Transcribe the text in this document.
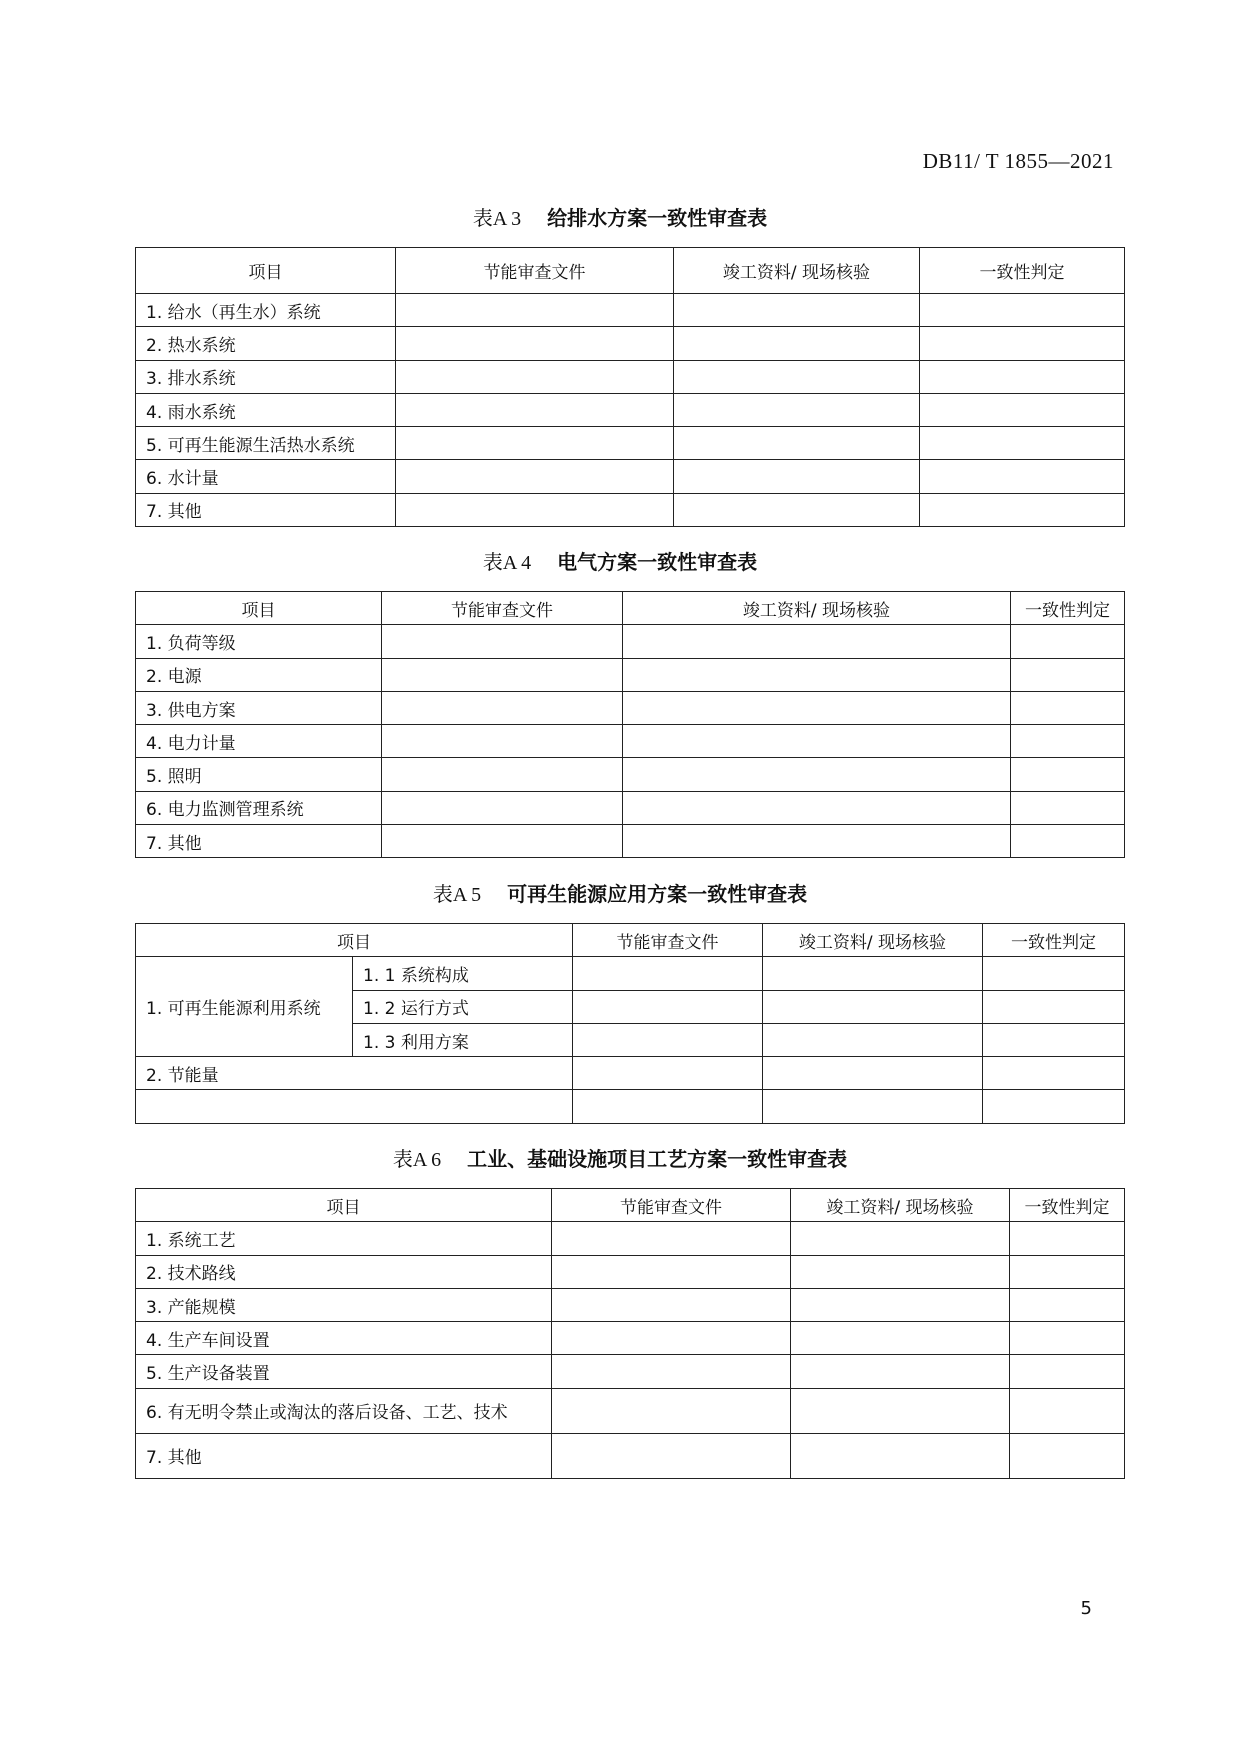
DB11/ T 1855—2021
表A 3 给排水方案一致性审查表
项目	节能审查文件	竣工资料/ 现场核验	一致性判定
1. 给水（再生水）系统			
2. 热水系统			
3. 排水系统			
4. 雨水系统			
5. 可再生能源生活热水系统			
6. 水计量			
7. 其他			
表A 4 电气方案一致性审查表
项目	节能审查文件	竣工资料/ 现场核验	一致性判定
1. 负荷等级			
2. 电源			
3. 供电方案			
4. 电力计量			
5. 照明			
6. 电力监测管理系统			
7. 其他			
表A 5 可再生能源应用方案一致性审查表
项目		节能审查文件	竣工资料/ 现场核验	一致性判定
1. 可再生能源利用系统	1. 1 系统构成			
	1. 2 运行方式			
	1. 3 利用方案			
2. 节能量				

表A 6 工业、基础设施项目工艺方案一致性审查表
项目	节能审查文件	竣工资料/ 现场核验	一致性判定
1. 系统工艺			
2. 技术路线			
3. 产能规模			
4. 生产车间设置			
5. 生产设备装置			
6. 有无明令禁止或淘汰的落后设备、工艺、技术			
7. 其他			
5
